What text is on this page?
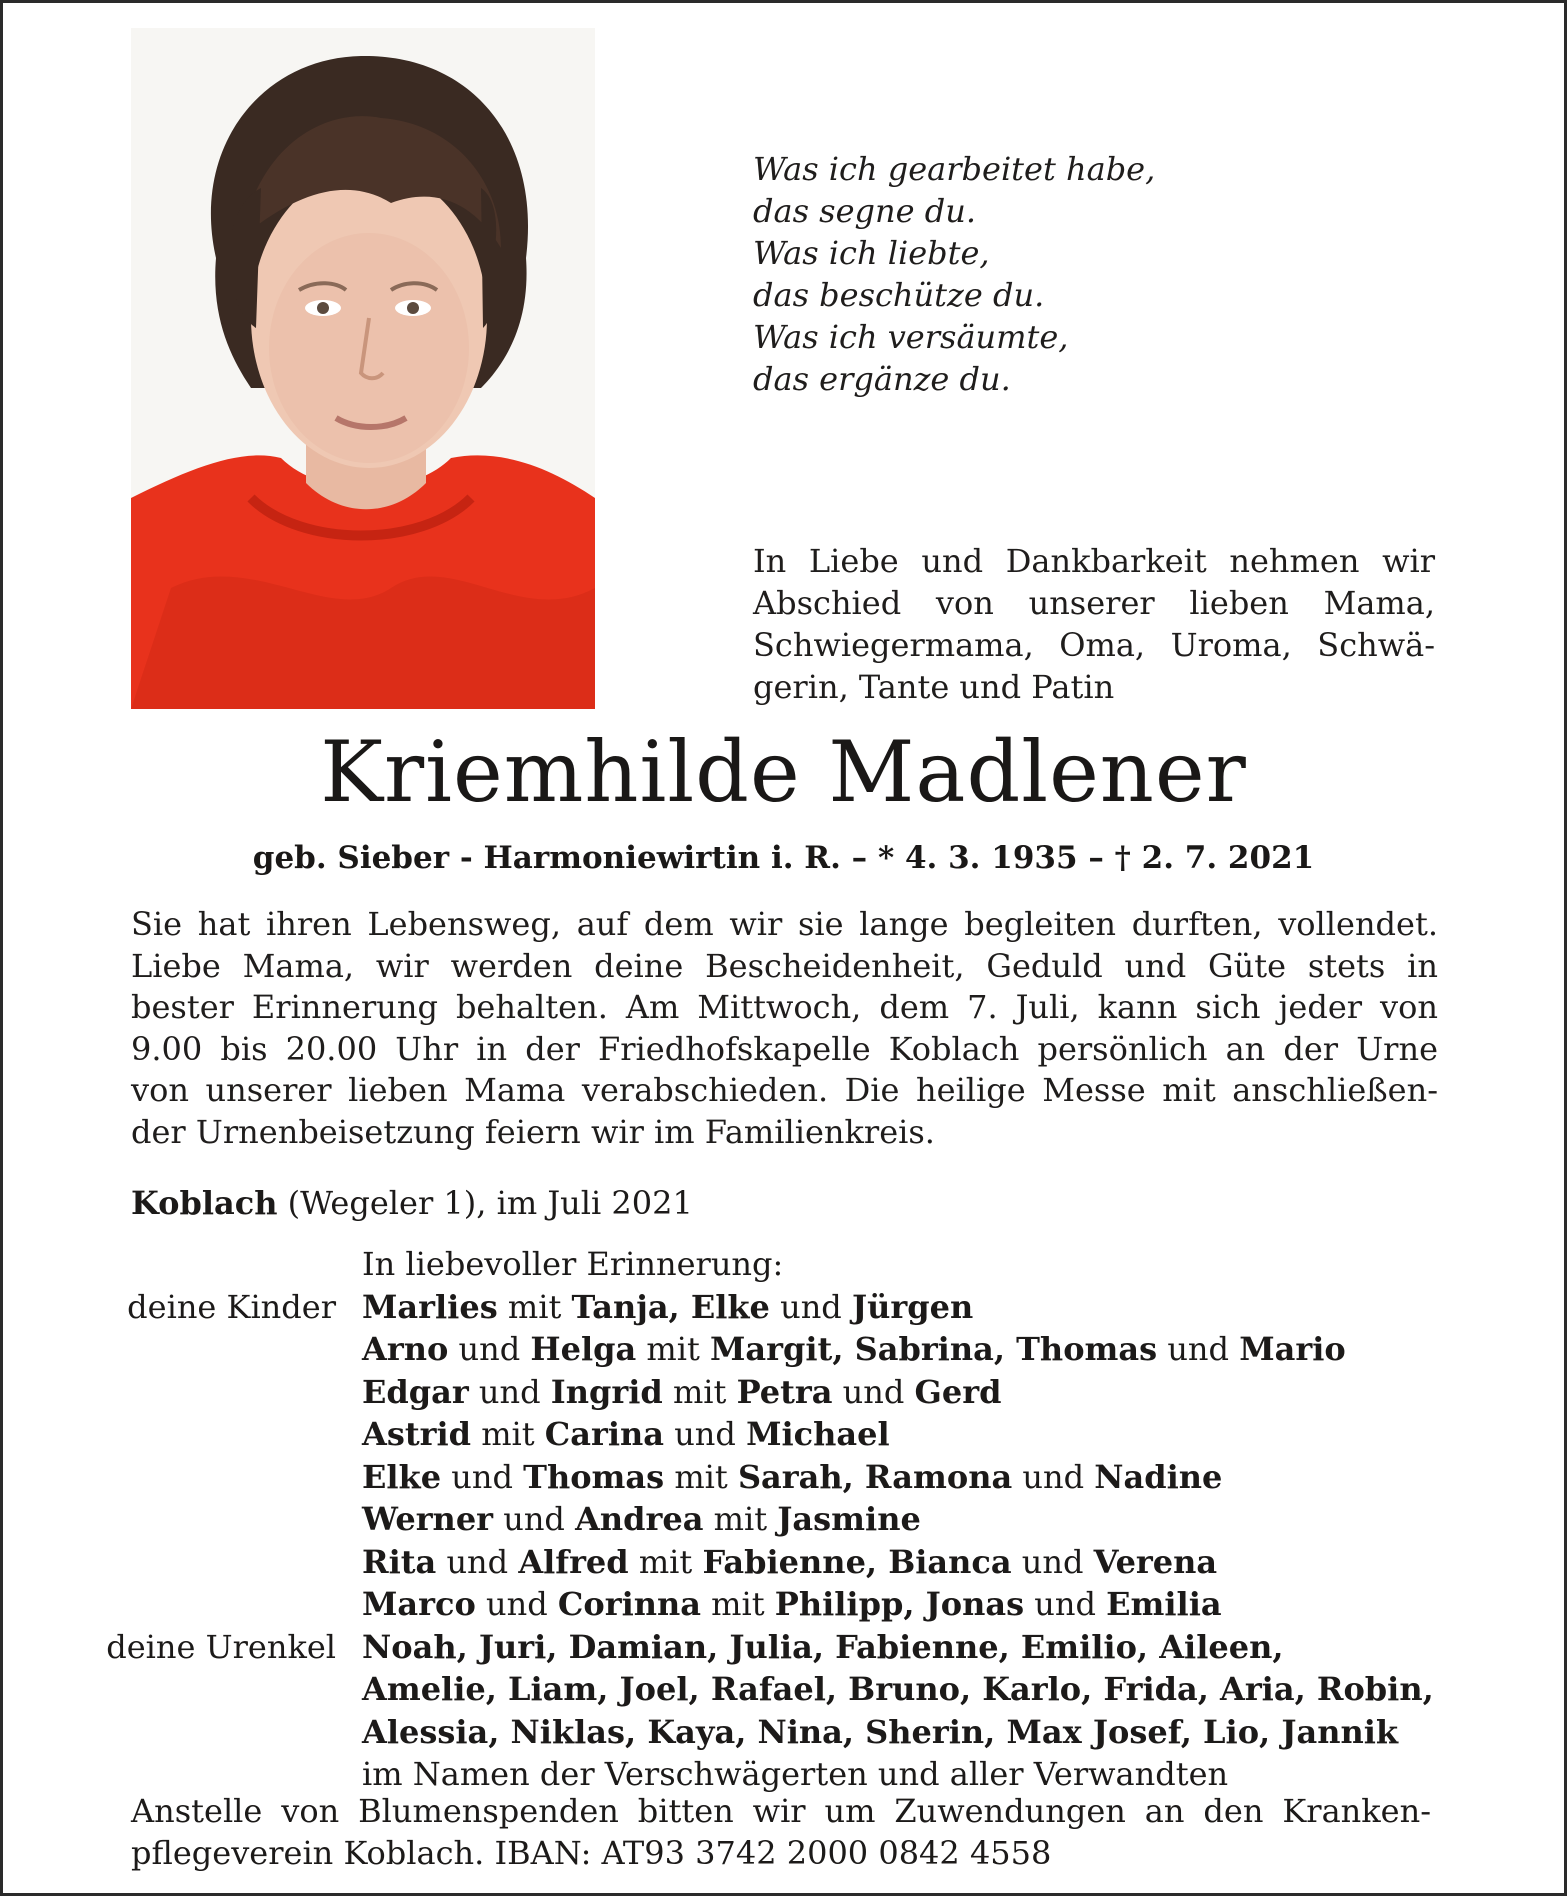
Was ich gearbeitet habe,
das segne du.
Was ich liebte,
das beschütze du.
Was ich versäumte,
das ergänze du.
In Liebe und Dankbarkeit nehmen wir
Abschied von unserer lieben Mama,
Schwiegermama, Oma, Uroma, Schwä-
gerin, Tante und Patin
Kriemhilde Madlener
geb. Sieber - Harmoniewirtin i. R. – * 4. 3. 1935 – † 2. 7. 2021
Sie hat ihren Lebensweg, auf dem wir sie lange begleiten durften, vollendet.
Liebe Mama, wir werden deine Bescheidenheit, Geduld und Güte stets in
bester Erinnerung behalten. Am Mittwoch, dem 7. Juli, kann sich jeder von
9.00 bis 20.00 Uhr in der Friedhofskapelle Koblach persönlich an der Urne
von unserer lieben Mama verabschieden. Die heilige Messe mit anschließen-
der Urnenbeisetzung feiern wir im Familienkreis.
Koblach (Wegeler 1), im Juli 2021
In liebevoller Erinnerung:
deine Kinder Marlies mit Tanja, Elke und Jürgen
Arno und Helga mit Margit, Sabrina, Thomas und Mario
Edgar und Ingrid mit Petra und Gerd
Astrid mit Carina und Michael
Elke und Thomas mit Sarah, Ramona und Nadine
Werner und Andrea mit Jasmine
Rita und Alfred mit Fabienne, Bianca und Verena
Marco und Corinna mit Philipp, Jonas und Emilia
deine Urenkel Noah, Juri, Damian, Julia, Fabienne, Emilio, Aileen,
Amelie, Liam, Joel, Rafael, Bruno, Karlo, Frida, Aria, Robin,
Alessia, Niklas, Kaya, Nina, Sherin, Max Josef, Lio, Jannik
im Namen der Verschwägerten und aller Verwandten
Anstelle von Blumenspenden bitten wir um Zuwendungen an den Kranken-
pflegeverein Koblach. IBAN: AT93 3742 2000 0842 4558
